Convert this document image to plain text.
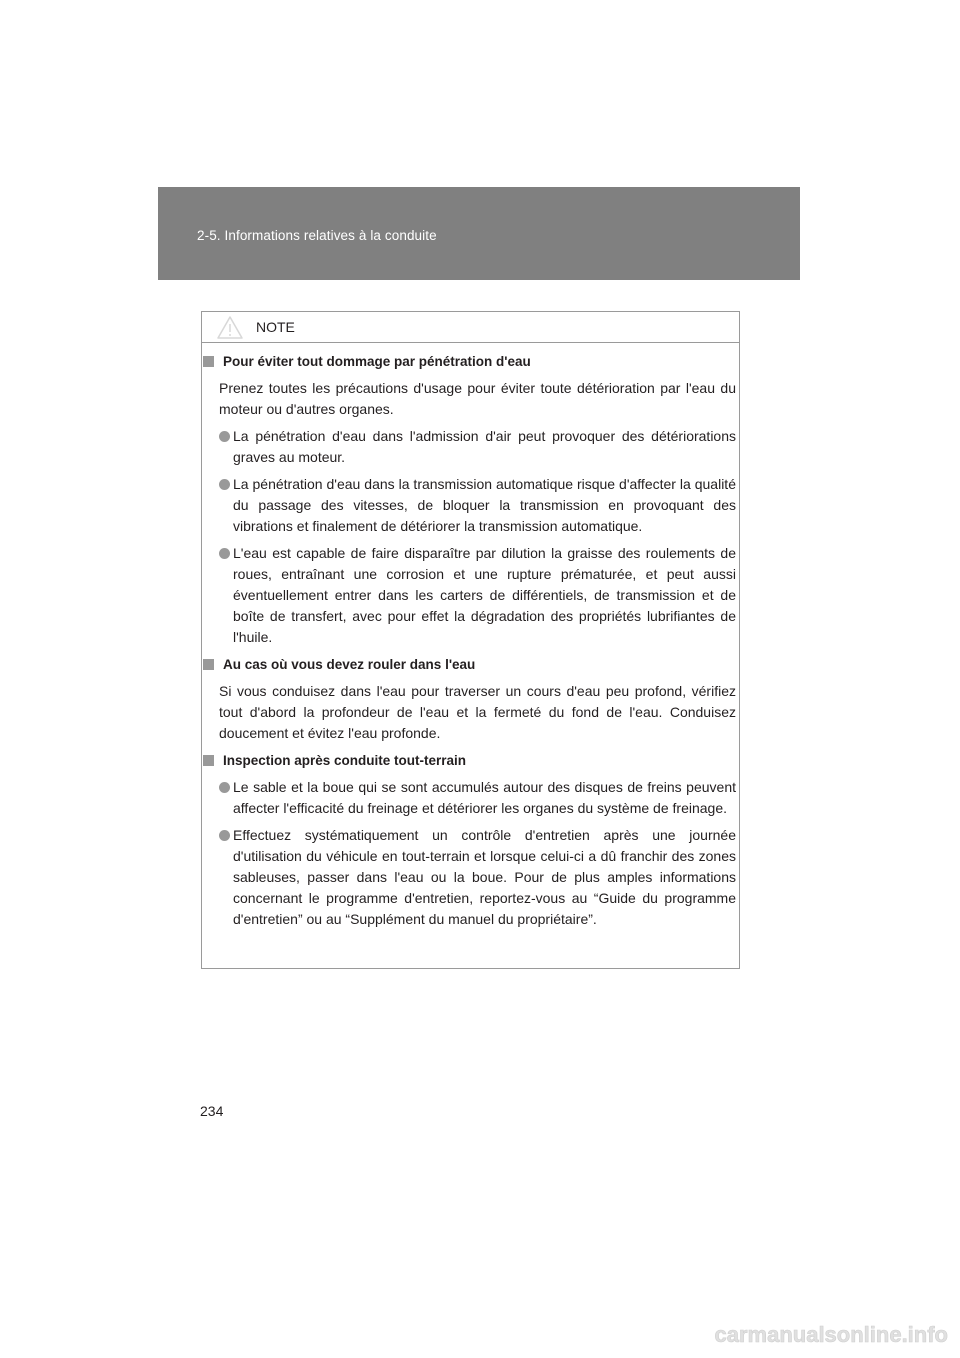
2-5. Informations relatives à la conduite
NOTE
Pour éviter tout dommage par pénétration d'eau
Prenez toutes les précautions d'usage pour éviter toute détérioration par l'eau du moteur ou d'autres organes.
La pénétration d'eau dans l'admission d'air peut provoquer des détériorations graves au moteur.
La pénétration d'eau dans la transmission automatique risque d'affecter la qualité du passage des vitesses, de bloquer la transmission en provoquant des vibrations et finalement de détériorer la transmission automatique.
L'eau est capable de faire disparaître par dilution la graisse des roulements de roues, entraînant une corrosion et une rupture prématurée, et peut aussi éventuellement entrer dans les carters de différentiels, de transmission et de boîte de transfert, avec pour effet la dégradation des propriétés lubrifiantes de l'huile.
Au cas où vous devez rouler dans l'eau
Si vous conduisez dans l'eau pour traverser un cours d'eau peu profond, vérifiez tout d'abord la profondeur de l'eau et la fermeté du fond de l'eau. Conduisez doucement et évitez l'eau profonde.
Inspection après conduite tout-terrain
Le sable et la boue qui se sont accumulés autour des disques de freins peuvent affecter l'efficacité du freinage et détériorer les organes du système de freinage.
Effectuez systématiquement un contrôle d'entretien après une journée d'utilisation du véhicule en tout-terrain et lorsque celui-ci a dû franchir des zones sableuses, passer dans l'eau ou la boue. Pour de plus amples informations concernant le programme d'entretien, reportez-vous au “Guide du programme d'entretien” ou au “Supplément du manuel du propriétaire”.
234
carmanualsonline.info
